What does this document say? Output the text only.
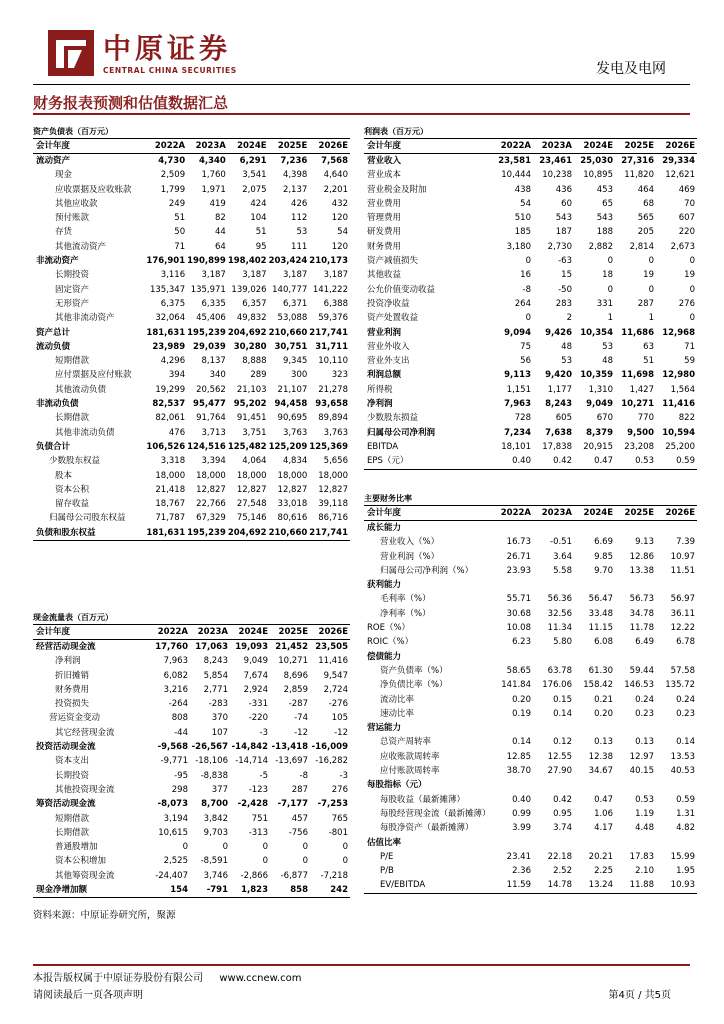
中原证券
CENTRAL CHINA SECURITIES	发电及电网
财务报表预测和估值数据汇总
资产负债表（百万元）
会计年度	2022A	2023A	2024E	2025E	2026E
流动资产	4,730	4,340	6,291	7,236	7,568
现金	2,509	1,760	3,541	4,398	4,640
应收票据及应收账款	1,799	1,971	2,075	2,137	2,201
其他应收款	249	419	424	426	432
预付账款	51	82	104	112	120
存货	50	44	51	53	54
其他流动资产	71	64	95	111	120
非流动资产	176,901	190,899	198,402	203,424	210,173
长期投资	3,116	3,187	3,187	3,187	3,187
固定资产	135,347	135,971	139,026	140,777	141,222
无形资产	6,375	6,335	6,357	6,371	6,388
其他非流动资产	32,064	45,406	49,832	53,088	59,376
资产总计	181,631	195,239	204,692	210,660	217,741
流动负债	23,989	29,039	30,280	30,751	31,711
短期借款	4,296	8,137	8,888	9,345	10,110
应付票据及应付账款	394	340	289	300	323
其他流动负债	19,299	20,562	21,103	21,107	21,278
非流动负债	82,537	95,477	95,202	94,458	93,658
长期借款	82,061	91,764	91,451	90,695	89,894
其他非流动负债	476	3,713	3,751	3,763	3,763
负债合计	106,526	124,516	125,482	125,209	125,369
少数股东权益	3,318	3,394	4,064	4,834	5,656
股本	18,000	18,000	18,000	18,000	18,000
资本公积	21,418	12,827	12,827	12,827	12,827
留存收益	18,767	22,766	27,548	33,018	39,118
归属母公司股东权益	71,787	67,329	75,146	80,616	86,716
负债和股东权益	181,631	195,239	204,692	210,660	217,741
利润表（百万元）
会计年度	2022A	2023A	2024E	2025E	2026E
营业收入	23,581	23,461	25,030	27,316	29,334
营业成本	10,444	10,238	10,895	11,820	12,621
营业税金及附加	438	436	453	464	469
营业费用	54	60	65	68	70
管理费用	510	543	543	565	607
研发费用	185	187	188	205	220
财务费用	3,180	2,730	2,882	2,814	2,673
资产减值损失	0	-63	0	0	0
其他收益	16	15	18	19	19
公允价值变动收益	-8	-50	0	0	0
投资净收益	264	283	331	287	276
资产处置收益	0	2	1	1	0
营业利润	9,094	9,426	10,354	11,686	12,968
营业外收入	75	48	53	63	71
营业外支出	56	53	48	51	59
利润总额	9,113	9,420	10,359	11,698	12,980
所得税	1,151	1,177	1,310	1,427	1,564
净利润	7,963	8,243	9,049	10,271	11,416
少数股东损益	728	605	670	770	822
归属母公司净利润	7,234	7,638	8,379	9,500	10,594
EBITDA	18,101	17,838	20,915	23,208	25,200
EPS（元）	0.40	0.42	0.47	0.53	0.59
主要财务比率
会计年度	2022A	2023A	2024E	2025E	2026E
成长能力					
营业收入（%）	16.73	-0.51	6.69	9.13	7.39
营业利润（%）	26.71	3.64	9.85	12.86	10.97
归属母公司净利润（%）	23.93	5.58	9.70	13.38	11.51
获利能力					
毛利率（%）	55.71	56.36	56.47	56.73	56.97
净利率（%）	30.68	32.56	33.48	34.78	36.11
ROE（%）	10.08	11.34	11.15	11.78	12.22
ROIC（%）	6.23	5.80	6.08	6.49	6.78
偿债能力					
资产负债率（%）	58.65	63.78	61.30	59.44	57.58
净负债比率（%）	141.84	176.06	158.42	146.53	135.72
流动比率	0.20	0.15	0.21	0.24	0.24
速动比率	0.19	0.14	0.20	0.23	0.23
营运能力					
总资产周转率	0.14	0.12	0.13	0.13	0.14
应收账款周转率	12.85	12.55	12.38	12.97	13.53
应付账款周转率	38.70	27.90	34.67	40.15	40.53
每股指标（元）					
每股收益（最新摊薄）	0.40	0.42	0.47	0.53	0.59
每股经营现金流（最新摊薄）	0.99	0.95	1.06	1.19	1.31
每股净资产（最新摊薄）	3.99	3.74	4.17	4.48	4.82
估值比率					
P/E	23.41	22.18	20.21	17.83	15.99
P/B	2.36	2.52	2.25	2.10	1.95
EV/EBITDA	11.59	14.78	13.24	11.88	10.93
现金流量表（百万元）
会计年度	2022A	2023A	2024E	2025E	2026E
经营活动现金流	17,760	17,063	19,093	21,452	23,505
净利润	7,963	8,243	9,049	10,271	11,416
折旧摊销	6,082	5,854	7,674	8,696	9,547
财务费用	3,216	2,771	2,924	2,859	2,724
投资损失	-264	-283	-331	-287	-276
营运资金变动	808	370	-220	-74	105
其它经营现金流	-44	107	-3	-12	-12
投资活动现金流	-9,568	-26,567	-14,842	-13,418	-16,009
资本支出	-9,771	-18,106	-14,714	-13,697	-16,282
长期投资	-95	-8,838	-5	-8	-3
其他投资现金流	298	377	-123	287	276
筹资活动现金流	-8,073	8,700	-2,428	-7,177	-7,253
短期借款	3,194	3,842	751	457	765
长期借款	10,615	9,703	-313	-756	-801
普通股增加	0	0	0	0	0
资本公积增加	2,525	-8,591	0	0	0
其他筹资现金流	-24,407	3,746	-2,866	-6,877	-7,218
现金净增加额	154	-791	1,823	858	242
资料来源：中原证券研究所，聚源
本报告版权属于中原证券股份有限公司 www.ccnew.com
请阅读最后一页各项声明	第4页 / 共5页
